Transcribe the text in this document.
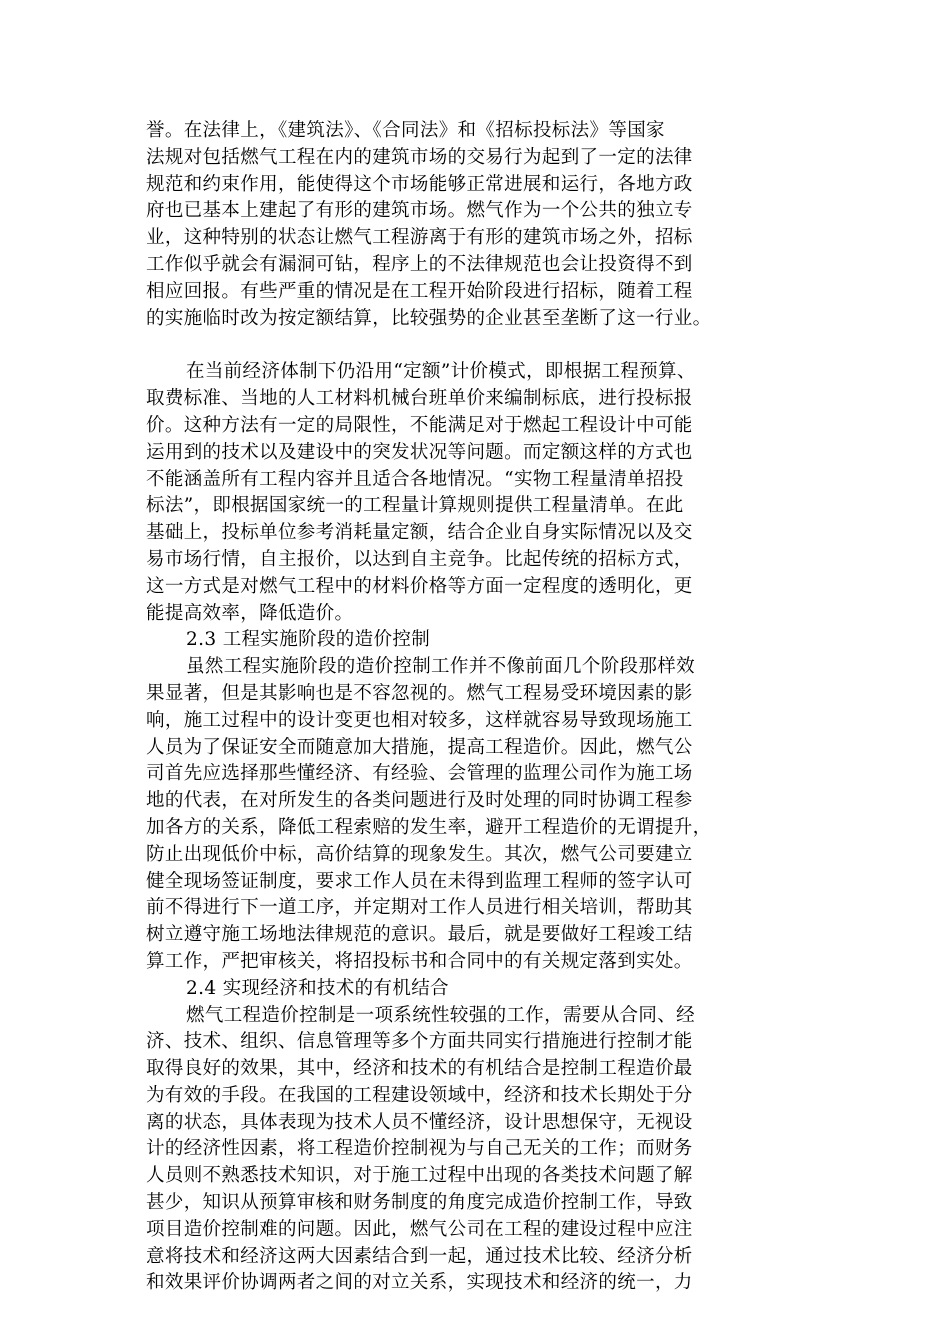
誉。在法律上，《建筑法》、《合同法》和《招标投标法》等国家
法规对包括燃气工程在内的建筑市场的交易行为起到了一定的法律
规范和约束作用，能使得这个市场能够正常进展和运行，各地方政
府也已基本上建起了有形的建筑市场。燃气作为一个公共的独立专
业，这种特别的状态让燃气工程游离于有形的建筑市场之外，招标
工作似乎就会有漏洞可钻，程序上的不法律规范也会让投资得不到
相应回报。有些严重的情况是在工程开始阶段进行招标，随着工程
的实施临时改为按定额结算，比较强势的企业甚至垄断了这一行业。
在当前经济体制下仍沿用“定额”计价模式，即根据工程预算、
取费标准、当地的人工材料机械台班单价来编制标底，进行投标报
价。这种方法有一定的局限性，不能满足对于燃起工程设计中可能
运用到的技术以及建设中的突发状况等问题。而定额这样的方式也
不能涵盖所有工程内容并且适合各地情况。“实物工程量清单招投
标法”，即根据国家统一的工程量计算规则提供工程量清单。在此
基础上，投标单位参考消耗量定额，结合企业自身实际情况以及交
易市场行情，自主报价，以达到自主竞争。比起传统的招标方式，
这一方式是对燃气工程中的材料价格等方面一定程度的透明化，更
能提高效率，降低造价。
2.3 工程实施阶段的造价控制
虽然工程实施阶段的造价控制工作并不像前面几个阶段那样效
果显著，但是其影响也是不容忽视的。燃气工程易受环境因素的影
响，施工过程中的设计变更也相对较多，这样就容易导致现场施工
人员为了保证安全而随意加大措施，提高工程造价。因此，燃气公
司首先应选择那些懂经济、有经验、会管理的监理公司作为施工场
地的代表，在对所发生的各类问题进行及时处理的同时协调工程参
加各方的关系，降低工程索赔的发生率，避开工程造价的无谓提升，
防止出现低价中标，高价结算的现象发生。其次，燃气公司要建立
健全现场签证制度，要求工作人员在未得到监理工程师的签字认可
前不得进行下一道工序，并定期对工作人员进行相关培训，帮助其
树立遵守施工场地法律规范的意识。最后，就是要做好工程竣工结
算工作，严把审核关，将招投标书和合同中的有关规定落到实处。
2.4 实现经济和技术的有机结合
燃气工程造价控制是一项系统性较强的工作，需要从合同、经
济、技术、组织、信息管理等多个方面共同实行措施进行控制才能
取得良好的效果，其中，经济和技术的有机结合是控制工程造价最
为有效的手段。在我国的工程建设领域中，经济和技术长期处于分
离的状态，具体表现为技术人员不懂经济，设计思想保守，无视设
计的经济性因素，将工程造价控制视为与自己无关的工作；而财务
人员则不熟悉技术知识，对于施工过程中出现的各类技术问题了解
甚少，知识从预算审核和财务制度的角度完成造价控制工作，导致
项目造价控制难的问题。因此，燃气公司在工程的建设过程中应注
意将技术和经济这两大因素结合到一起，通过技术比较、经济分析
和效果评价协调两者之间的对立关系，实现技术和经济的统一，力
